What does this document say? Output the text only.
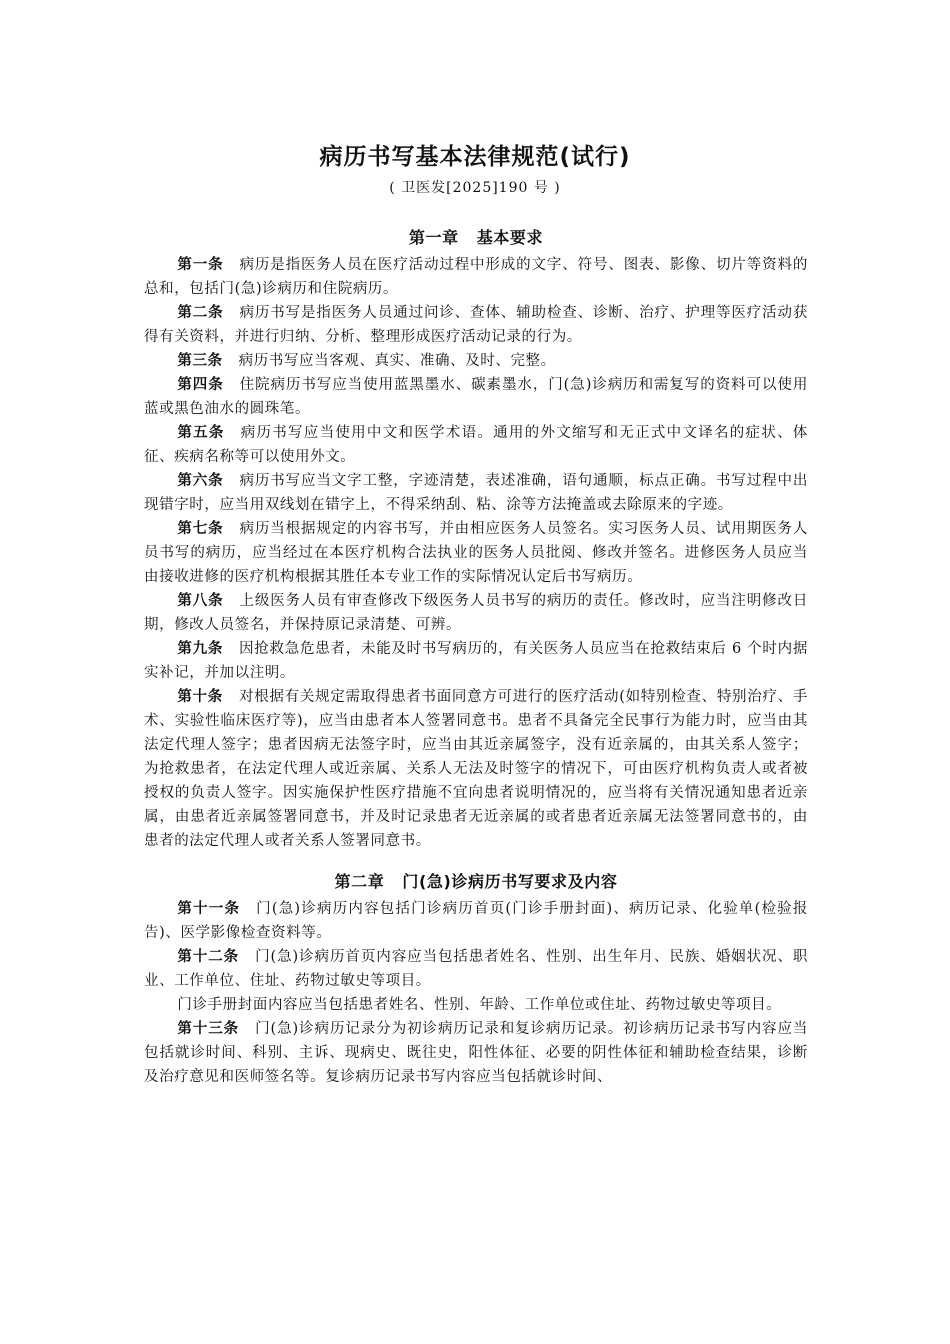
病历书写基本法律规范(试行)
( 卫医发[2025]190 号 )
第一章 基本要求

第一条 病历是指医务人员在医疗活动过程中形成的文字、符号、图表、影像、切片等资料的总和，包括门(急)诊病历和住院病历。

第二条 病历书写是指医务人员通过问诊、查体、辅助检查、诊断、治疗、护理等医疗活动获得有关资料，并进行归纳、分析、整理形成医疗活动记录的行为。

第三条 病历书写应当客观、真实、准确、及时、完整。

第四条 住院病历书写应当使用蓝黑墨水、碳素墨水，门(急)诊病历和需复写的资料可以使用蓝或黑色油水的圆珠笔。

第五条 病历书写应当使用中文和医学术语。通用的外文缩写和无正式中文译名的症状、体征、疾病名称等可以使用外文。

第六条 病历书写应当文字工整，字迹清楚，表述准确，语句通顺，标点正确。书写过程中出现错字时，应当用双线划在错字上，不得采纳刮、粘、涂等方法掩盖或去除原来的字迹。

第七条 病历当根据规定的内容书写，并由相应医务人员签名。实习医务人员、试用期医务人员书写的病历，应当经过在本医疗机构合法执业的医务人员批阅、修改并签名。进修医务人员应当由接收进修的医疗机构根据其胜任本专业工作的实际情况认定后书写病历。

第八条 上级医务人员有审查修改下级医务人员书写的病历的责任。修改时，应当注明修改日期，修改人员签名，并保持原记录清楚、可辨。

第九条 因抢救急危患者，未能及时书写病历的，有关医务人员应当在抢救结束后 6 个时内据实补记，并加以注明。

第十条 对根据有关规定需取得患者书面同意方可进行的医疗活动(如特别检查、特别治疗、手术、实验性临床医疗等)，应当由患者本人签署同意书。患者不具备完全民事行为能力时，应当由其法定代理人签字；患者因病无法签字时，应当由其近亲属签字，没有近亲属的，由其关系人签字；为抢救患者，在法定代理人或近亲属、关系人无法及时签字的情况下，可由医疗机构负责人或者被授权的负责人签字。因实施保护性医疗措施不宜向患者说明情况的，应当将有关情况通知患者近亲属，由患者近亲属签署同意书，并及时记录患者无近亲属的或者患者近亲属无法签署同意书的，由患者的法定代理人或者关系人签署同意书。

第二章 门(急)诊病历书写要求及内容

第十一条 门(急)诊病历内容包括门诊病历首页(门诊手册封面)、病历记录、化验单(检验报告)、医学影像检查资料等。

第十二条 门(急)诊病历首页内容应当包括患者姓名、性别、出生年月、民族、婚姻状况、职业、工作单位、住址、药物过敏史等项目。

门诊手册封面内容应当包括患者姓名、性别、年龄、工作单位或住址、药物过敏史等项目。

第十三条 门(急)诊病历记录分为初诊病历记录和复诊病历记录。初诊病历记录书写内容应当包括就诊时间、科别、主诉、现病史、既往史，阳性体征、必要的阴性体征和辅助检查结果，诊断及治疗意见和医师签名等。复诊病历记录书写内容应当包括就诊时间、
